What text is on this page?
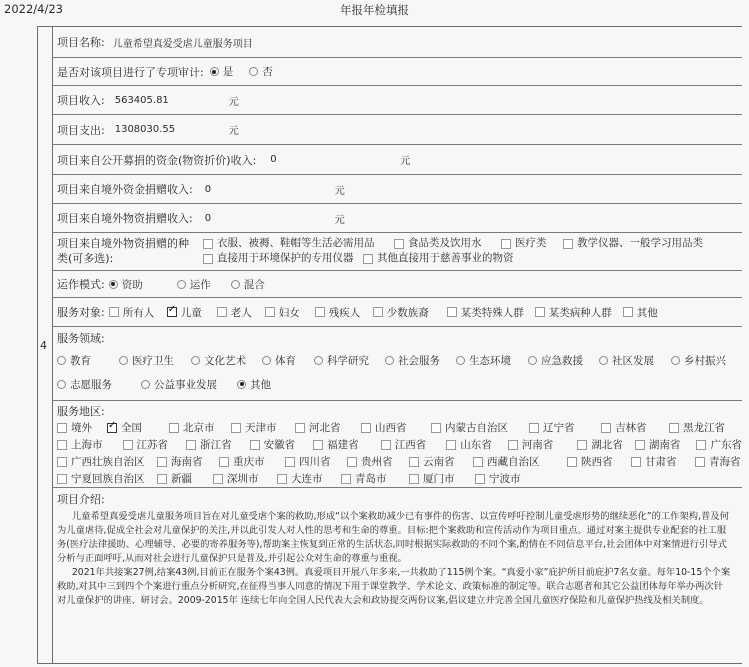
2022/4/23	年报年检填报
4
项目名称: 儿童希望真爱受虐儿童服务项目
是否对该项目进行了专项审计: 是	否
项目收入: 563405.81	元
项目支出: 1308030.55	元
项目来自公开募捐的资金(物资折价)收入: 0	元
项目来自境外资金捐赠收入: 0	元
项目来自境外物资捐赠收入: 0	元
项目来自境外物资捐赠的种
类(可多选):
衣服、被褥、鞋帽等生活必需用品	食品类及饮用水	医疗类	教学仪器、一般学习用品类
直接用于环境保护的专用仪器 其他直接用于慈善事业的物资
运作模式: 资助	运作	混合
服务对象: 所有人 ✓	儿童	老人	妇女	残疾人	少数族裔	某类特殊人群 某类病种人群 其他
服务领域:
教育	医疗卫生	文化艺术	体育	科学研究	社会服务	生态环境	应急救援	社区发展	乡村振兴
志愿服务	公益事业发展	其他
服务地区:
境外 ✓	全国	北京市	天津市	河北省	山西省	内蒙古自治区	辽宁省	吉林省	黑龙江省
上海市	江苏省	浙江省	安徽省	福建省	江西省	山东省	河南省	湖北省 湖南省	广东省
广西壮族自治区	海南省	重庆市	四川省	贵州省	云南省	西藏自治区	陕西省	甘肃省	青海省
宁夏回族自治区	新疆	深圳市	大连市	青岛市	厦门市	宁波市
项目介绍:

儿童希望真爱受虐儿童服务项目旨在对儿童受虐个案的救助,形成“以个案救助减少已有事件的伤害、以宣传呼吁控制儿童受虐形势的继续恶化”的工作架构,普及何为儿童虐待,促成全社会对儿童保护的关注,并以此引发人对人性的思考和生命的尊重。目标:把个案救助和宣传活动作为项目重点。通过对案主提供专业配套的社工服务(医疗法律援助、心理辅导、必要的寄养服务等),帮助案主恢复到正常的生活状态,同时根据实际救助的不同个案,酌情在不同信息平台,社会团体中对案情进行引导式分析与正面呼吁,从而对社会进行儿童保护只是普及,并引起公众对生命的尊重与重视。

2021年共接案27例,结案43例,目前正在服务个案43例。真爱项目开展八年多来,一共救助了115例个案。“真爱小家”庇护所目前庇护7名女童。每年10-15个个案救助,对其中三到四个个案进行重点分析研究,在征得当事人同意的情况下用于课堂教学、学术论文、政策标准的制定等。联合志愿者和其它公益团体每年举办两次针对儿童保护的讲座、研讨会。2009-2015年 连续七年向全国人民代表大会和政协提交两份议案,倡议建立并完善全国儿童医疗保险和儿童保护热线及相关制度。
